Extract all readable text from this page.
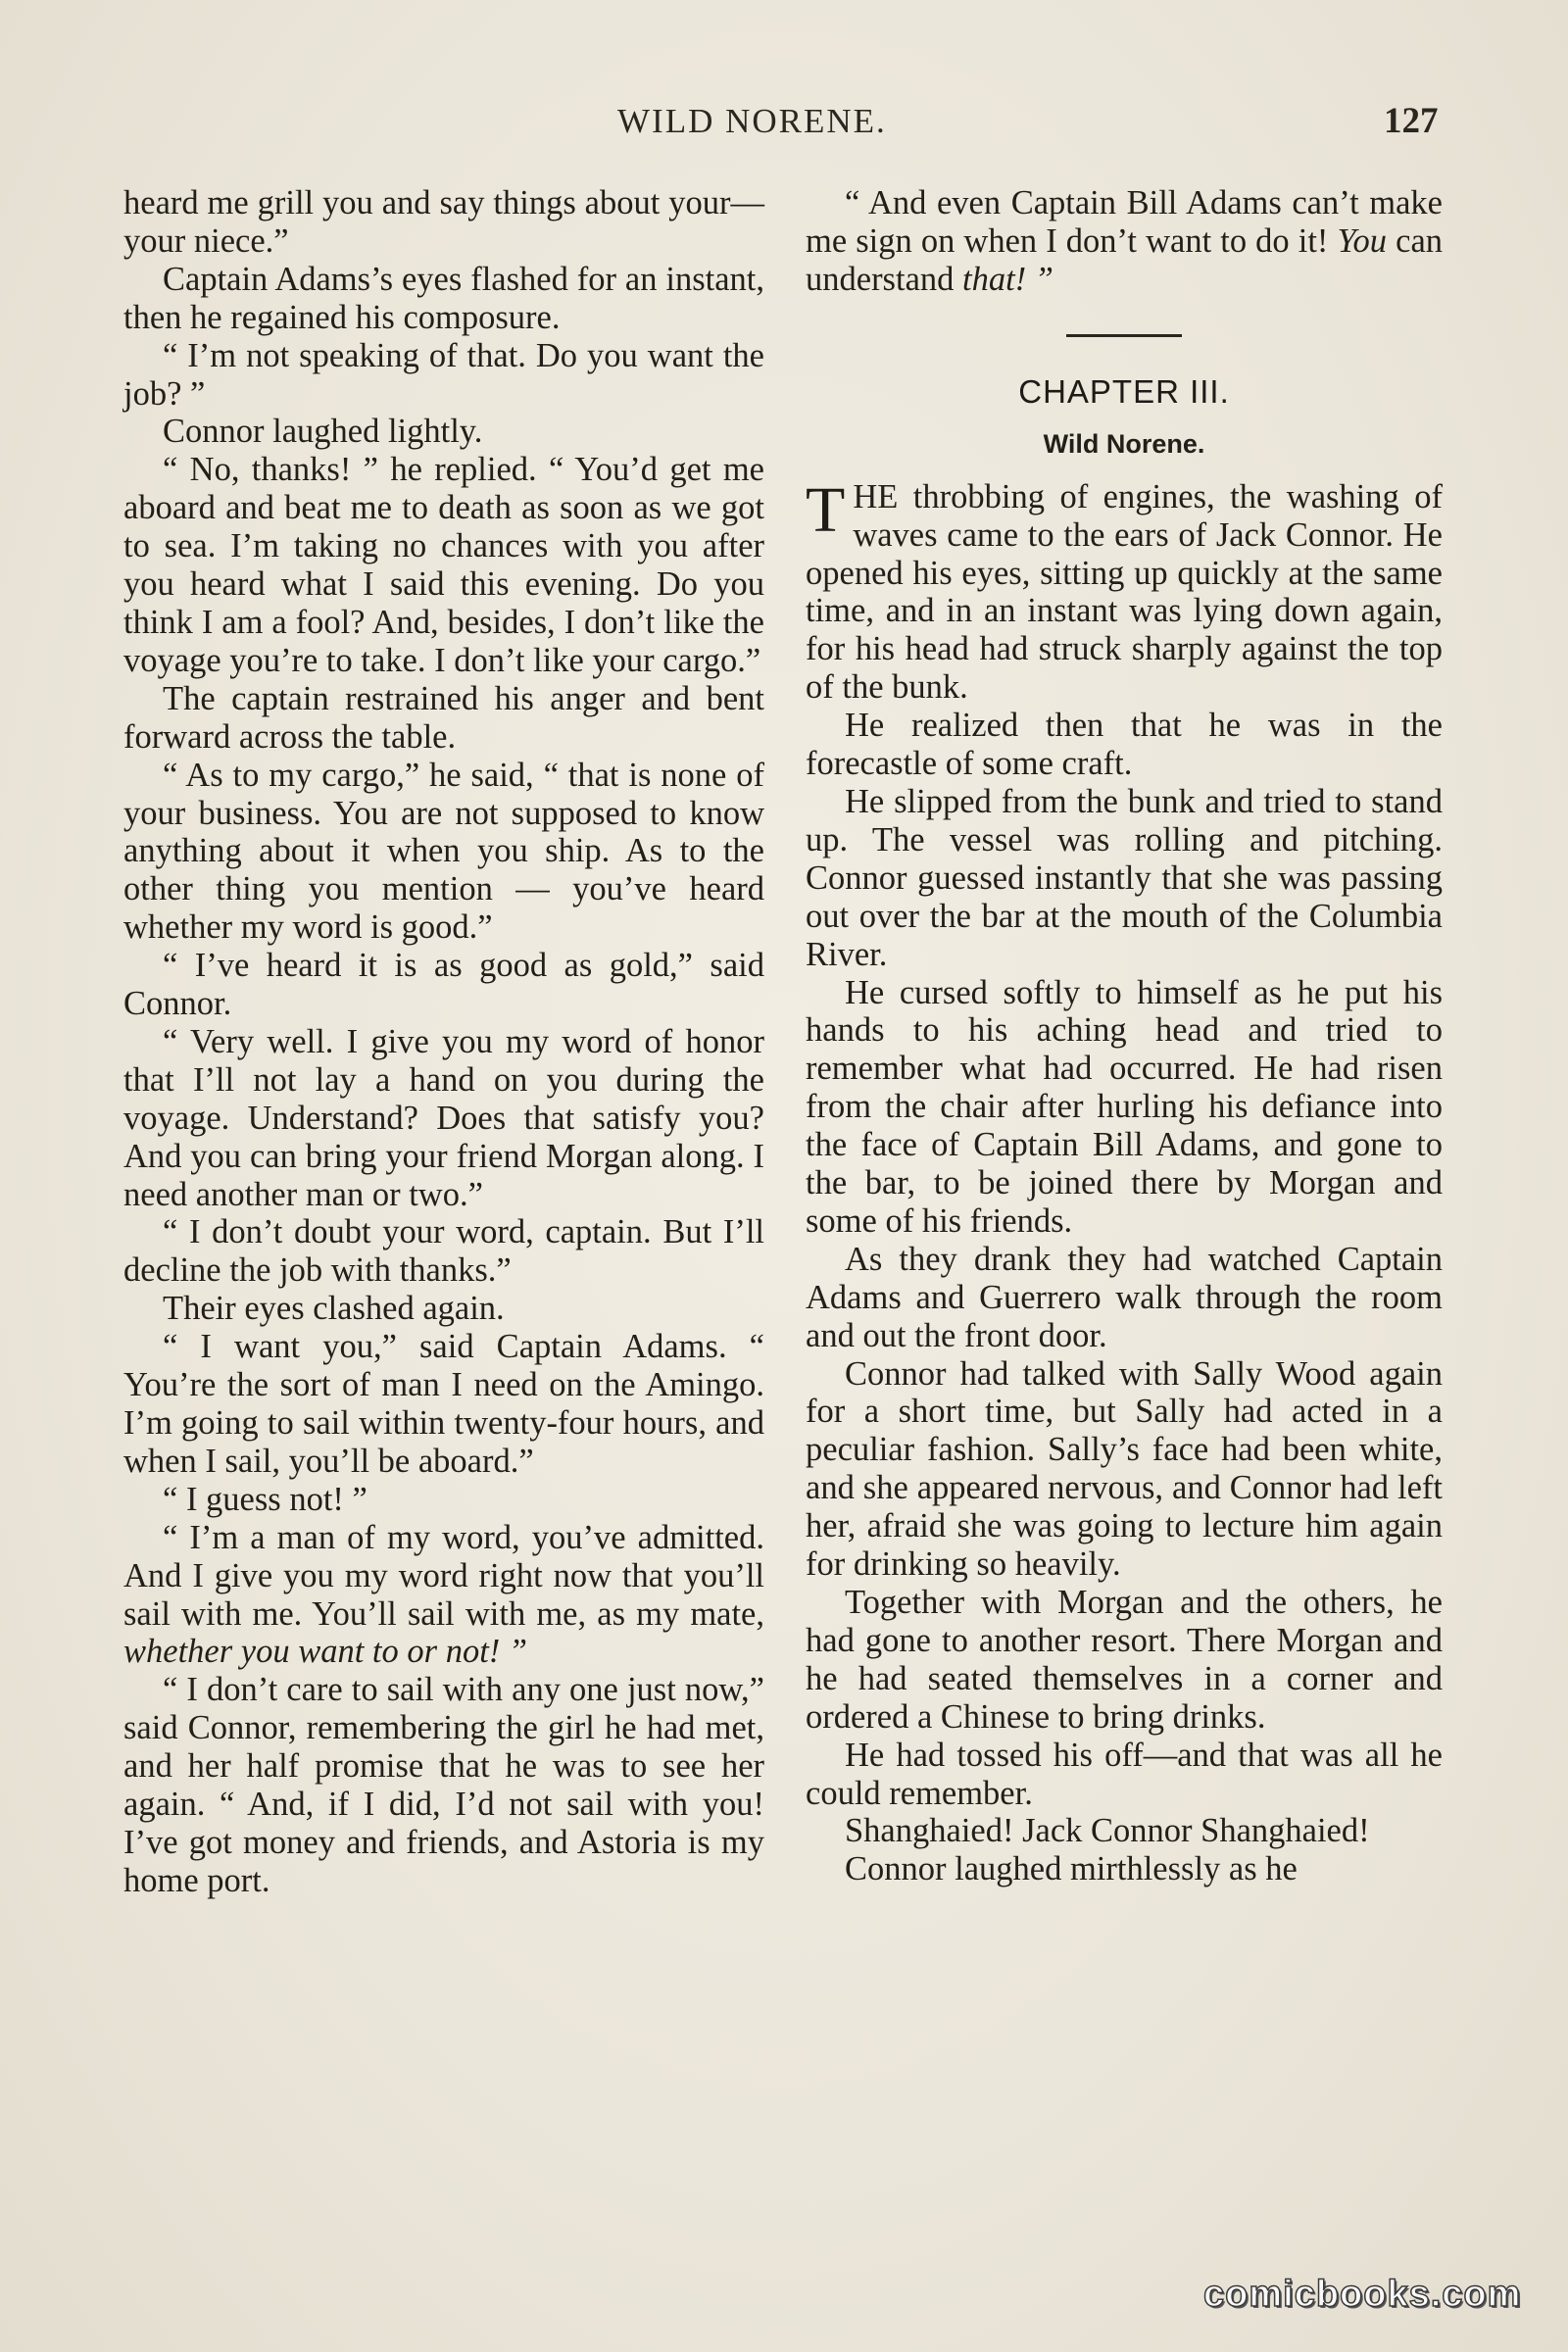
WILD NORENE.	127

heard me grill you and say things about your—your niece.”

Captain Adams’s eyes flashed for an instant, then he regained his composure.

“ I’m not speaking of that. Do you want the job? ”

Connor laughed lightly.

“ No, thanks! ” he replied. “ You’d get me aboard and beat me to death as soon as we got to sea. I’m taking no chances with you after you heard what I said this evening. Do you think I am a fool? And, besides, I don’t like the voyage you’re to take. I don’t like your cargo.”

The captain restrained his anger and bent forward across the table.

“ As to my cargo,” he said, “ that is none of your business. You are not supposed to know anything about it when you ship. As to the other thing you mention — you’ve heard whether my word is good.”

“ I’ve heard it is as good as gold,” said Connor.

“ Very well. I give you my word of honor that I’ll not lay a hand on you during the voyage. Understand? Does that satisfy you? And you can bring your friend Morgan along. I need another man or two.”

“ I don’t doubt your word, captain. But I’ll decline the job with thanks.”

Their eyes clashed again.

“ I want you,” said Captain Adams. “ You’re the sort of man I need on the Amingo. I’m going to sail within twenty-four hours, and when I sail, you’ll be aboard.”

“ I guess not! ”

“ I’m a man of my word, you’ve admitted. And I give you my word right now that you’ll sail with me. You’ll sail with me, as my mate, whether you want to or not! ”

“ I don’t care to sail with any one just now,” said Connor, remembering the girl he had met, and her half promise that he was to see her again. “ And, if I did, I’d not sail with you! I’ve got money and friends, and Astoria is my home port.

“ And even Captain Bill Adams can’t make me sign on when I don’t want to do it! You can understand that! ”

CHAPTER III.
Wild Norene.

THE throbbing of engines, the washing of waves came to the ears of Jack Connor. He opened his eyes, sitting up quickly at the same time, and in an instant was lying down again, for his head had struck sharply against the top of the bunk.

He realized then that he was in the forecastle of some craft.

He slipped from the bunk and tried to stand up. The vessel was rolling and pitching. Connor guessed instantly that she was passing out over the bar at the mouth of the Columbia River.

He cursed softly to himself as he put his hands to his aching head and tried to remember what had occurred. He had risen from the chair after hurling his defiance into the face of Captain Bill Adams, and gone to the bar, to be joined there by Morgan and some of his friends.

As they drank they had watched Captain Adams and Guerrero walk through the room and out the front door.

Connor had talked with Sally Wood again for a short time, but Sally had acted in a peculiar fashion. Sally’s face had been white, and she appeared nervous, and Connor had left her, afraid she was going to lecture him again for drinking so heavily.

Together with Morgan and the others, he had gone to another resort. There Morgan and he had seated themselves in a corner and ordered a Chinese to bring drinks.

He had tossed his off—and that was all he could remember.

Shanghaied! Jack Connor Shanghaied!

Connor laughed mirthlessly as he

comicbooks.com
